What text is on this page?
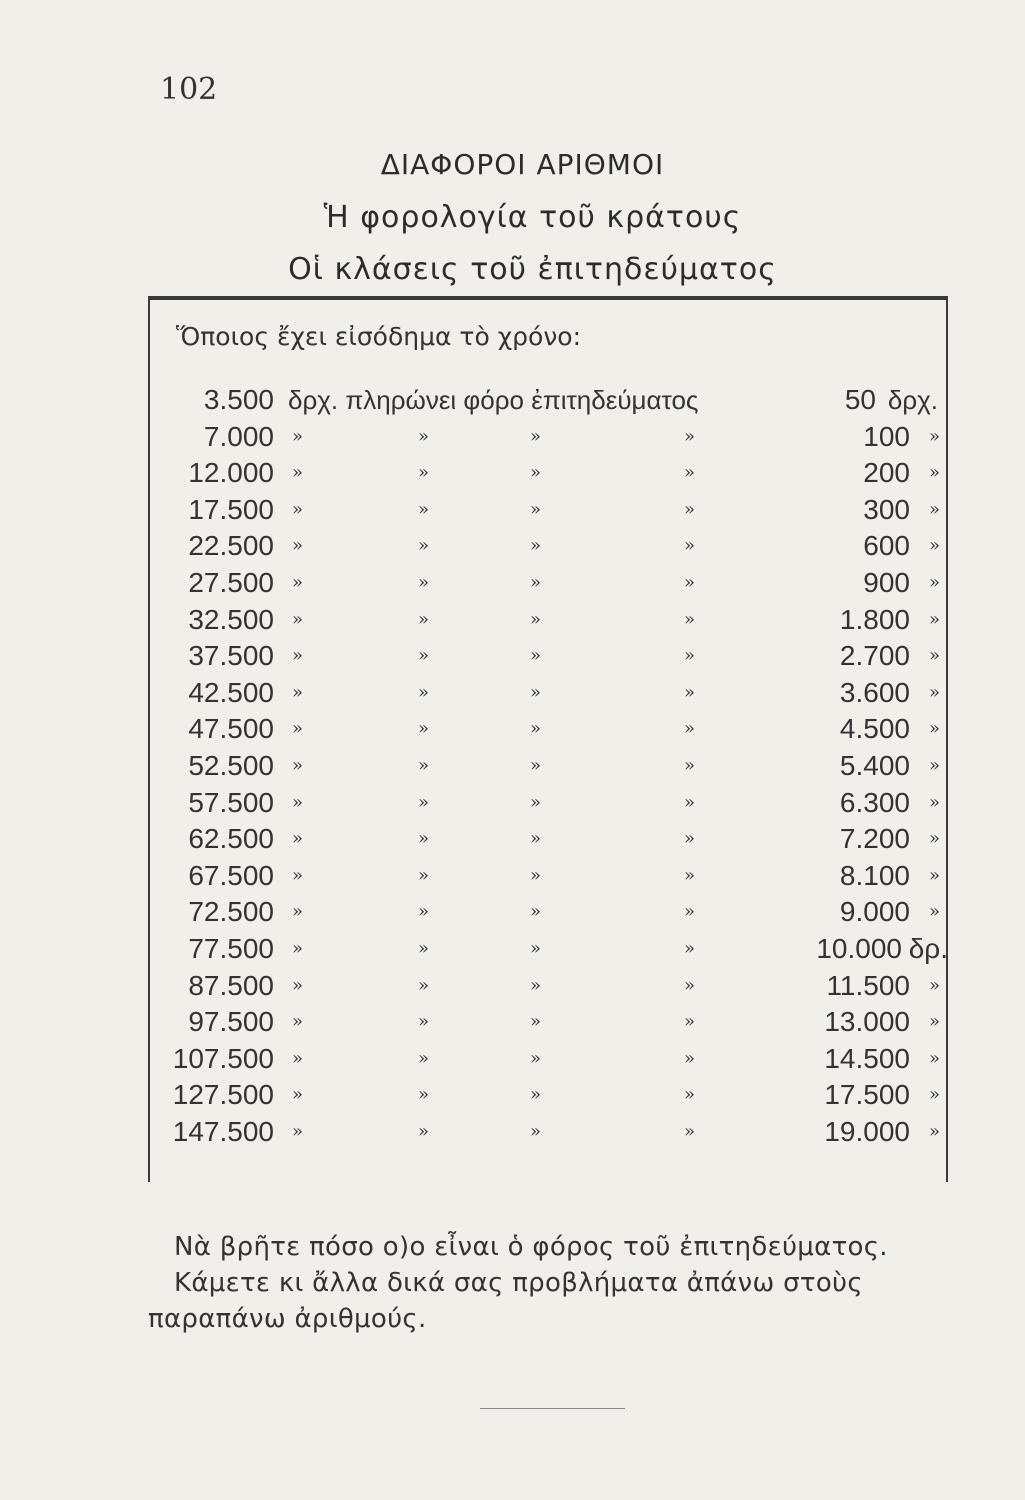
102
ΔΙΑΦΟΡΟΙ ΑΡΙΘΜΟΙ
Ἡ φορολογία τοῦ κράτους
Οἱ κλάσεις τοῦ ἐπιτηδεύματος
Ὅποιος ἔχει εἰσόδημα τὸ χρόνο:
3.500 δρχ. πληρώνει φόρο ἐπιτηδεύματος	50 δρχ.
7.000 »	»	»	»	100 »
12.000 »	»	»	»	200 »
17.500 »	»	»	»	300 »
22.500 »	»	»	»	600 »
27.500 »	»	»	»	900 »
32.500 »	»	»	»	1.800 »
37.500 »	»	»	»	2.700 »
42.500 »	»	»	»	3.600 »
47.500 »	»	»	»	4.500 »
52.500 »	»	»	»	5.400 »
57.500 »	»	»	»	6.300 »
62.500 »	»	»	»	7.200 »
67.500 »	»	»	»	8.100 »
72.500 »	»	»	»	9.000 »
77.500 »	»	»	»	10.000 δρ.
87.500 »	»	»	»	11.500 »
97.500 »	»	»	»	13.000 »
107.500 »	»	»	»	14.500 »
127.500 »	»	»	»	17.500 »
147.500 »	»	»	»	19.000 »
Νὰ βρῆτε πόσο ο)ο εἶναι ὁ φόρος τοῦ ἐπιτηδεύματος.
Κάμετε κι ἄλλα δικά σας προβλήματα ἀπάνω στοὺς
παραπάνω ἀριθμούς.
